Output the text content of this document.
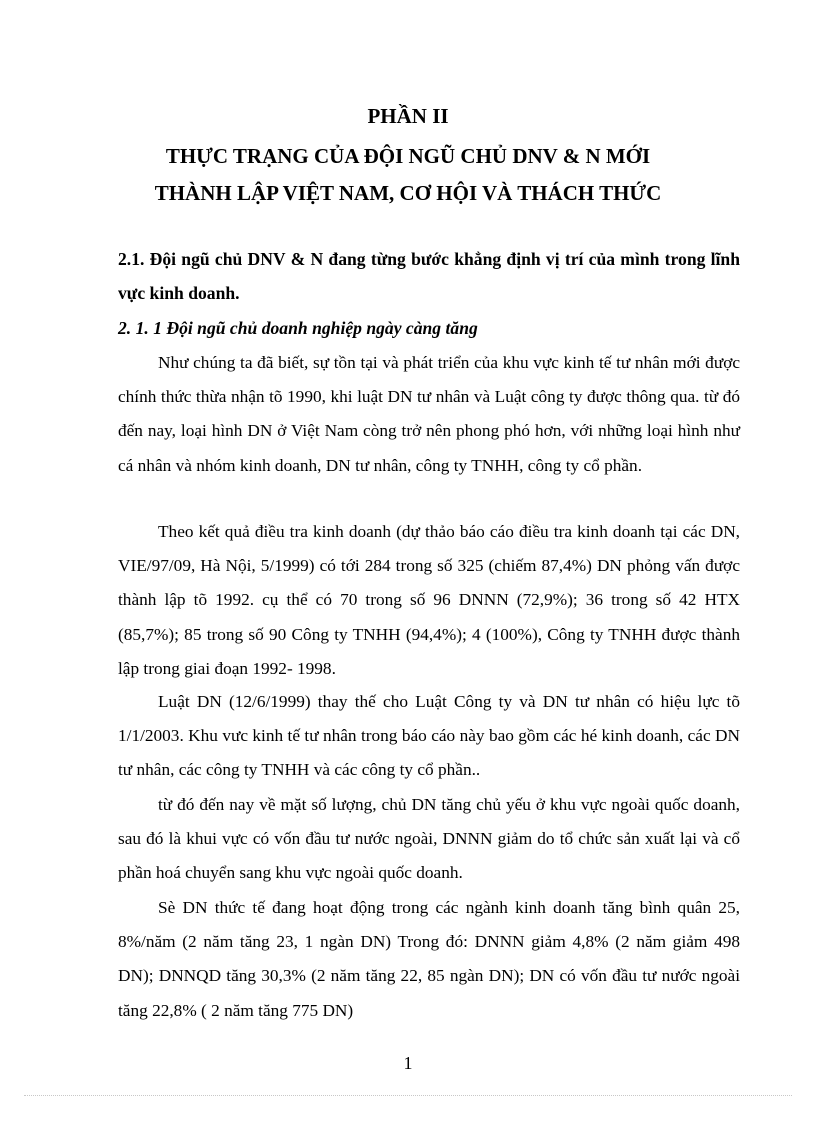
PHẦN II
THỰC TRẠNG CỦA ĐỘI NGŨ CHỦ DNV & N MỚI
THÀNH LẬP VIỆT NAM, CƠ HỘI VÀ THÁCH THỨC
2.1. Đội ngũ chủ DNV & N đang từng bước khẳng định vị trí của mình trong lĩnh vực kinh doanh.
2. 1. 1 Đội ngũ chủ doanh nghiệp ngày càng tăng
Như chúng ta đã biết, sự tồn tại và phát triển của khu vực kinh tế tư nhân mới được chính thức thừa nhận tõ 1990, khi luật DN tư nhân và Luật công ty được thông qua. từ đó đến nay, loại hình DN ở Việt Nam còng trở nên phong phó hơn, với những loại hình như cá nhân và nhóm kinh doanh, DN tư nhân, công ty TNHH, công ty cổ phần.
Theo kết quả điều tra kinh doanh (dự thảo báo cáo điều tra kinh doanh tại các DN, VIE/97/09, Hà Nội, 5/1999) có tới 284 trong số 325 (chiếm 87,4%) DN phỏng vấn được thành lập tõ 1992. cụ thể có 70 trong số 96 DNNN (72,9%); 36 trong số 42 HTX (85,7%); 85 trong số 90 Công ty TNHH (94,4%); 4 (100%), Công ty TNHH được thành lập trong giai đoạn 1992- 1998.
Luật DN (12/6/1999) thay thế cho Luật Công ty và DN tư nhân có hiệu lực tõ 1/1/2003. Khu vưc kinh tế tư nhân trong báo cáo này bao gồm các hé kinh doanh, các DN tư nhân, các công ty TNHH và các công ty cổ phần..
từ đó đến nay về mặt số lượng, chủ DN tăng chủ yếu ở khu vực ngoài quốc doanh, sau đó là khui vực có vốn đầu tư nước ngoài, DNNN giảm do tổ chức sản xuất lại và cổ phần hoá chuyển sang khu vực ngoài quốc doanh.
Sè DN thức tế đang hoạt động trong các ngành kinh doanh tăng bình quân 25, 8%/năm (2 năm tăng 23, 1 ngàn DN) Trong đó: DNNN giảm 4,8% (2 năm giảm 498 DN); DNNQD tăng 30,3% (2 năm tăng 22, 85 ngàn DN); DN có vốn đầu tư nước ngoài tăng 22,8% ( 2 năm tăng 775 DN)
1
